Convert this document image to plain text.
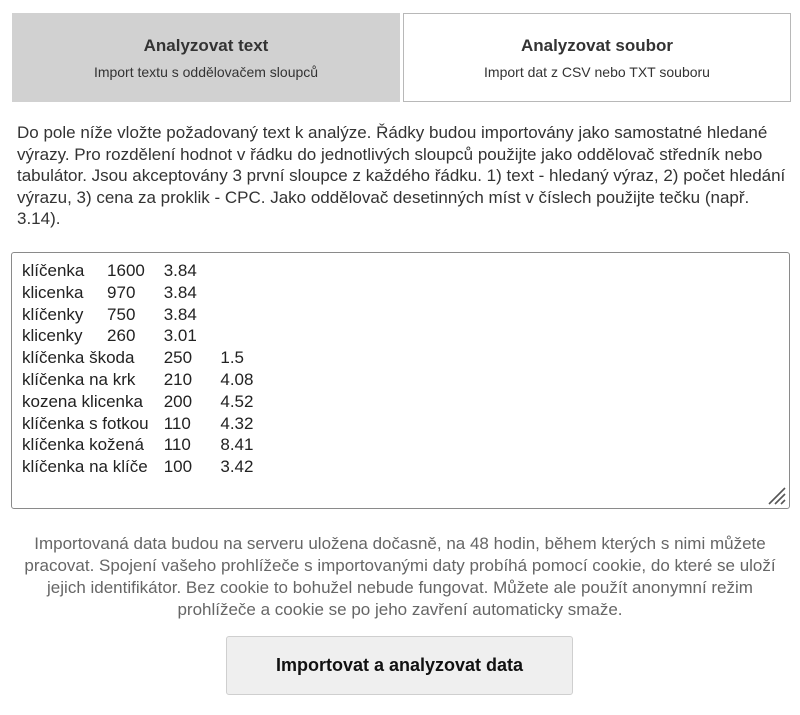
Analyzovat text
Import textu s oddělovačem sloupců
Analyzovat soubor
Import dat z CSV nebo TXT souboru

Do pole níže vložte požadovaný text k analýze. Řádky budou importovány jako samostatné hledané výrazy. Pro rozdělení hodnot v řádku do jednotlivých sloupců použijte jako oddělovač středník nebo tabulátor. Jsou akceptovány 3 první sloupce z každého řádku. 1) text - hledaný výraz, 2) počet hledání výrazu, 3) cena za proklik - CPC. Jako oddělovač desetinných míst v číslech použijte tečku (např. 3.14).

klíčenka	1600	3.84
klicenka	970	3.84
klíčenky	750	3.84
klicenky	260	3.01
klíčenka škoda	250	1.5
klíčenka na krk	210	4.08
kozena klicenka	200	4.52
klíčenka s fotkou	110	4.32
klíčenka kožená	110	8.41
klíčenka na klíče	100	3.42

Importovaná data budou na serveru uložena dočasně, na 48 hodin, během kterých s nimi můžete pracovat. Spojení vašeho prohlížeče s importovanými daty probíhá pomocí cookie, do které se uloží jejich identifikátor. Bez cookie to bohužel nebude fungovat. Můžete ale použít anonymní režim prohlížeče a cookie se po jeho zavření automaticky smaže.

Importovat a analyzovat data
